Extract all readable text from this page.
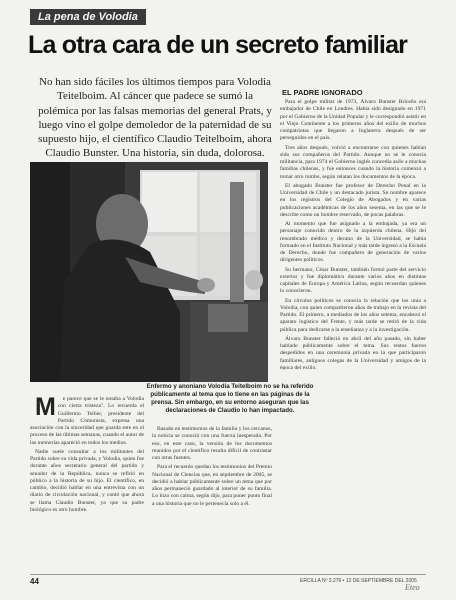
La pena de Volodia
La otra cara de un secreto familiar

No han sido fáciles los últimos tiempos para Volodia Teitelboim. Al cáncer que padece se sumó la polémica por las falsas memorias del general Prats, y luego vino el golpe demoledor de la paternidad de su supuesto hijo, el científico Claudio Teitelboim, ahora Claudio Bunster. Una historia, sin duda, dolorosa.

Enfermo y anoniano Volodia Teitelboim no se ha referido públicamente al tema que lo tiene en las páginas de la prensa. Sin embargo, en su entorno aseguran que las declaraciones de Claudio lo han impactado.

M e parece que se le notaba a Volodia con cierta tristeza". Lo recuerda el Guillermo Tellier, presidente del Partido Comunista, expresa una asociación con la sinceridad que guarda este en el proceso de las últimas semanas, cuando el autor de las memorias apareció en todos los medios.

Nadie suele consultar a los militantes del Partido sobre su vida privada, y Volodia, quien fue durante años secretario general del partido y senador de la República, nunca se refirió en público a la historia de su hijo. El científico, en cambio, decidió hablar en una entrevista con un diario de circulación nacional, y contó que ahora se llama Claudio Bunster, ya que su padre biológico es otro hombre.

Basado en testimonios de la familia y los cercanos, la noticia se conoció con una fuerza inesperada. Por eso, en este caso, la versión de los documentos reunidos por el científico resulta difícil de contrastar con otras fuentes.

Para el recuerdo quedan los testimonios del Premio Nacional de Ciencias que, en septiembre de 2005, se decidió a hablar públicamente sobre un tema que por años permaneció guardado al interior de su familia. Lo hizo con calma, según dijo, para poner punto final a una historia que no le pertenecía solo a él.

EL PADRE IGNORADO

Para el golpe militar de 1973, Álvaro Bunster Briceño era embajador de Chile en Londres. Había sido designado en 1971 por el Gobierno de la Unidad Popular y le correspondió asistir en el Viejo Continente a los primeros años del exilio de muchos compatriotas que llegaron a Inglaterra después de ser perseguidos en el país.

Tres años después, volvió a encontrarse con quienes habían sido sus compañeros del Partido. Aunque no se le conocía militancia, para 1974 el Gobierno inglés concedía asilo a muchas familias chilenas, y fue entonces cuando la historia comenzó a tomar otro rumbo, según relatan los documentos de la época.

El abogado Bunster fue profesor de Derecho Penal en la Universidad de Chile y un destacado jurista. Su nombre aparece en los registros del Colegio de Abogados y en varias publicaciones académicas de los años sesenta, en las que se le describe como un hombre reservado, de pocas palabras.

Al momento que fue asignado a la embajada, ya era un personaje conocido dentro de la izquierda chilena. Hijo del renombrado médico y decano de la Universidad, se había formado en el Instituto Nacional y más tarde ingresó a la Escuela de Derecho, donde fue compañero de generación de varios dirigentes políticos.

Su hermano, César Bunster, también formó parte del servicio exterior y fue diplomático durante varios años en distintas capitales de Europa y América Latina, según recuerdan quienes lo conocieron.

En círculos políticos se conocía la relación que los unía a Volodia, con quien compartieron años de trabajo en la revista del Partido. El primero, a mediados de los años setenta, encabezó el aparato logístico del Frente, y más tarde se retiró de la vida pública para dedicarse a la enseñanza y a la investigación.

Álvaro Bunster falleció en abril del año pasado, sin haber hablado públicamente sobre el tema. Sus restos fueron despedidos en una ceremonia privada en la que participaron familiares, antiguos colegas de la Universidad y amigos de la época del exilio.

44	ERCILLA Nº 3.276 • 12 DE SEPTIEMBRE DEL 2005
Eteo
